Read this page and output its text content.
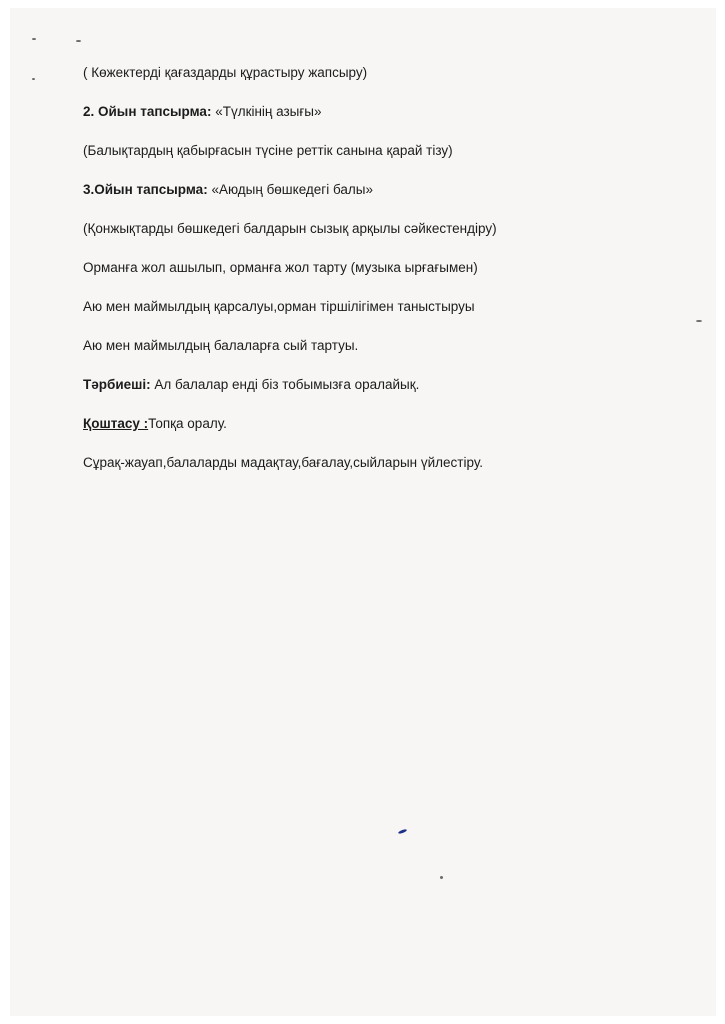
( Көжектерді қағаздарды құрастыру жапсыру)
2. Ойын тапсырма: «Түлкінің азығы»
(Балықтардың қабырғасын түсіне реттік санына қарай тізу)
3.Ойын тапсырма: «Аюдың бөшкедегі балы»
(Қонжықтарды бөшкедегі балдарын сызық арқылы сәйкестендіру)
Орманға жол ашылып, орманға жол тарту (музыка ырғағымен)
Аю мен маймылдың қарсалуы,орман тіршілігімен таныстыруы
Аю мен маймылдың балаларға сый тартуы.
Тәрбиеші: Ал балалар енді біз тобымызға оралайық.
Қоштасу :Топқа оралу.
Сұрақ-жауап,балаларды мадақтау,бағалау,сыйларын үйлестіру.
